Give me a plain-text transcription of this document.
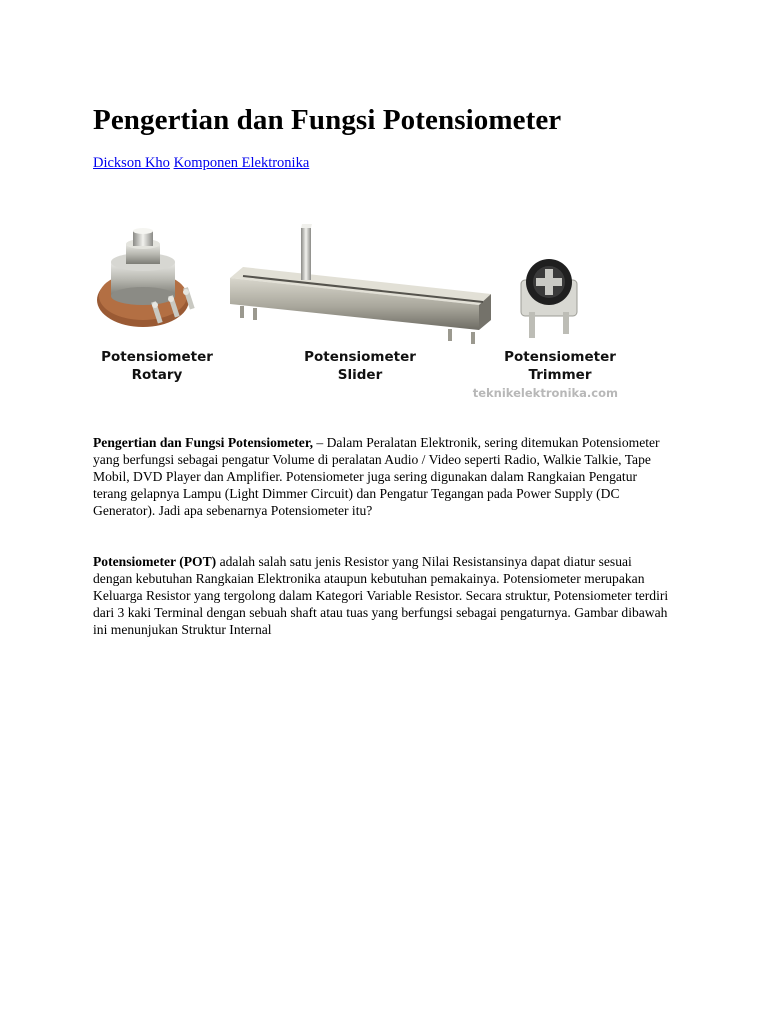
Pengertian dan Fungsi Potensiometer
Dickson Kho Komponen Elektronika
Potensiometer
Rotary
Potensiometer
Slider
Potensiometer
Trimmer
teknikelektronika.com

Pengertian dan Fungsi Potensiometer, – Dalam Peralatan Elektronik, sering ditemukan Potensiometer yang berfungsi sebagai pengatur Volume di peralatan Audio / Video seperti Radio, Walkie Talkie, Tape Mobil, DVD Player dan Amplifier. Potensiometer juga sering digunakan dalam Rangkaian Pengatur terang gelapnya Lampu (Light Dimmer Circuit) dan Pengatur Tegangan pada Power Supply (DC Generator). Jadi apa sebenarnya Potensiometer itu?

Potensiometer (POT) adalah salah satu jenis Resistor yang Nilai Resistansinya dapat diatur sesuai dengan kebutuhan Rangkaian Elektronika ataupun kebutuhan pemakainya. Potensiometer merupakan Keluarga Resistor yang tergolong dalam Kategori Variable Resistor. Secara struktur, Potensiometer terdiri dari 3 kaki Terminal dengan sebuah shaft atau tuas yang berfungsi sebagai pengaturnya. Gambar dibawah ini menunjukan Struktur Internal
